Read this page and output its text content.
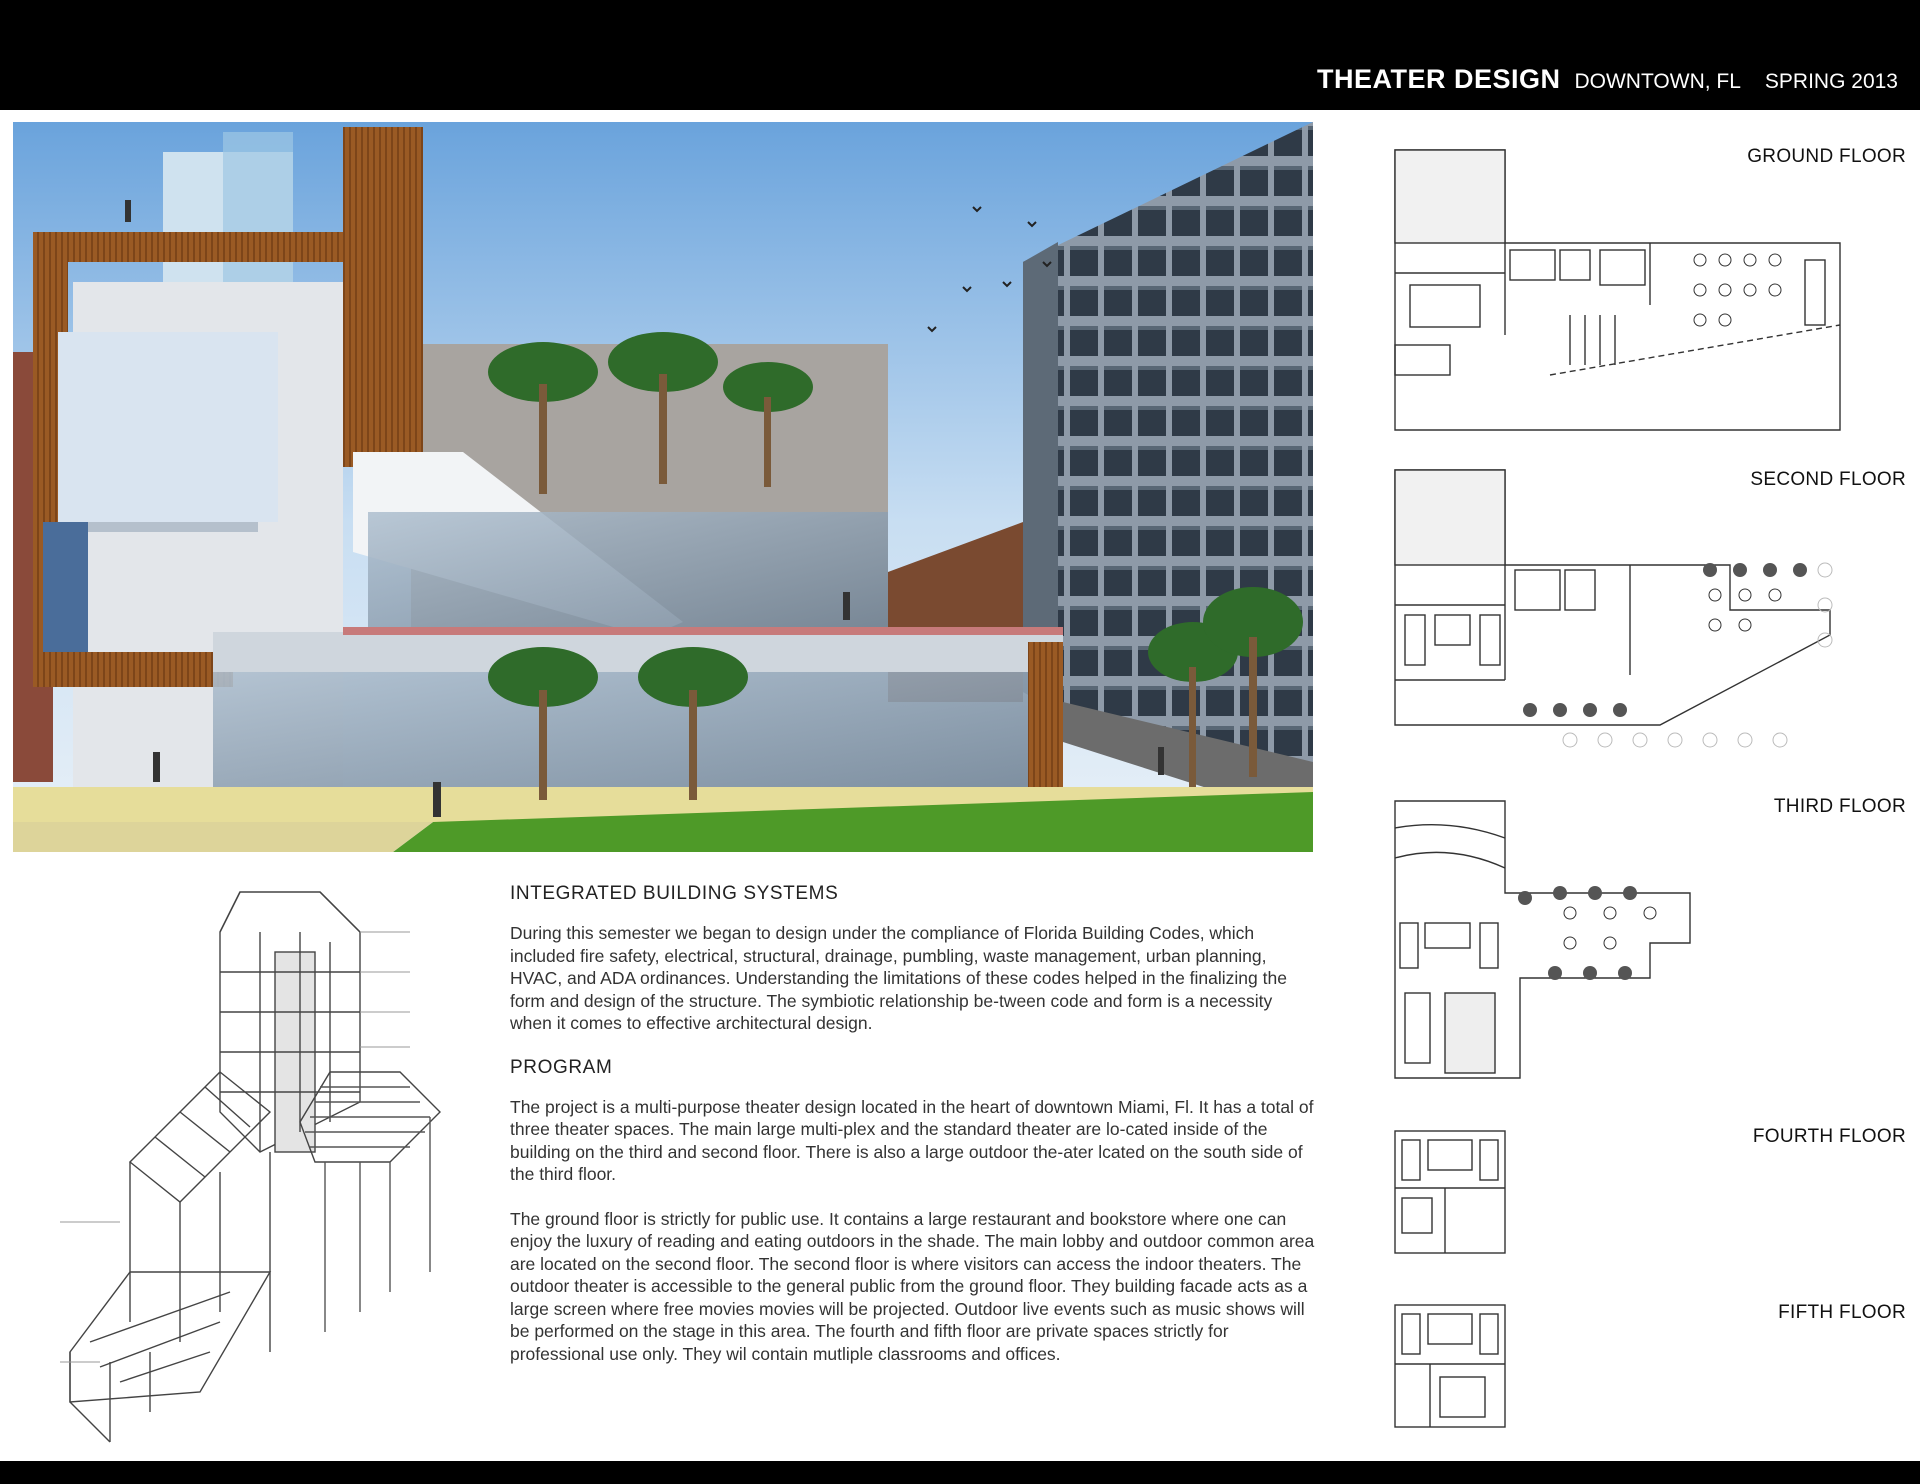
THEATER DESIGN DOWNTOWN, FL SPRING 2013
INTEGRATED BUILDING SYSTEMS

During this semester we began to design under the compliance of Florida Building Codes, which included fire safety, electrical, structural, drainage, pumbling, waste management, urban planning, HVAC, and ADA ordinances. Understanding the limitations of these codes helped in the finalizing the form and design of the structure. The symbiotic relationship be-tween code and form is a necessity when it comes to effective architectural design.

PROGRAM

The project is a multi-purpose theater design located in the heart of downtown Miami, Fl. It has a total of three theater spaces. The main large multi-plex and the standard theater are lo-cated inside of the building on the third and second floor. There is also a large outdoor the-ater lcated on the south side of the third floor.

The ground floor is strictly for public use. It contains a large restaurant and bookstore where one can enjoy the luxury of reading and eating outdoors in the shade. The main lobby and outdoor common area are located on the second floor. The second floor is where visitors can access the indoor theaters. The outdoor theater is accessible to the general public from the ground floor. They building facade acts as a large screen where free movies movies will be projected. Outdoor live events such as music shows will be performed on the stage in this area. The fourth and fifth floor are private spaces strictly for professional use only. They wil contain mutliple classrooms and offices.

GROUND FLOOR
SECOND FLOOR
THIRD FLOOR
FOURTH FLOOR
FIFTH FLOOR
